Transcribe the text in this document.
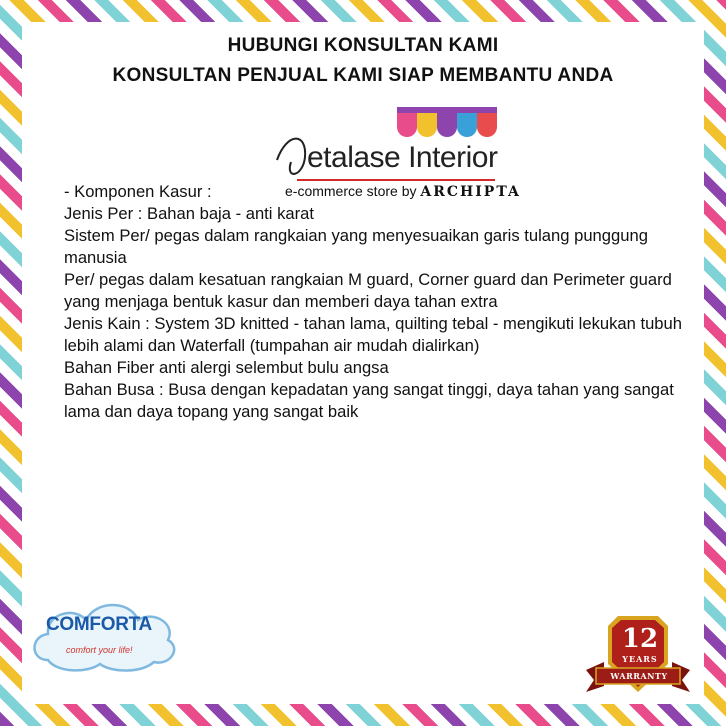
HUBUNGI KONSULTAN KAMI
KONSULTAN PENJUAL KAMI SIAP MEMBANTU ANDA
etalase Interior
e-commerce store by ARCHIPTA

- Komponen Kasur :

Jenis Per : Bahan baja - anti karat

Sistem Per/ pegas dalam rangkaian yang menyesuaikan garis tulang punggung manusia

Per/ pegas dalam kesatuan rangkaian M guard, Corner guard dan Perimeter guard yang menjaga bentuk kasur dan memberi daya tahan extra

Jenis Kain : System 3D knitted - tahan lama, quilting tebal - mengikuti lekukan tubuh lebih alami dan Waterfall (tumpahan air mudah dialirkan)

Bahan Fiber anti alergi selembut bulu angsa

Bahan Busa : Busa dengan kepadatan yang sangat tinggi, daya tahan yang sangat lama dan daya topang yang sangat baik

COMFORTA
comfort your life!	12
YEARS
WARRANTY
